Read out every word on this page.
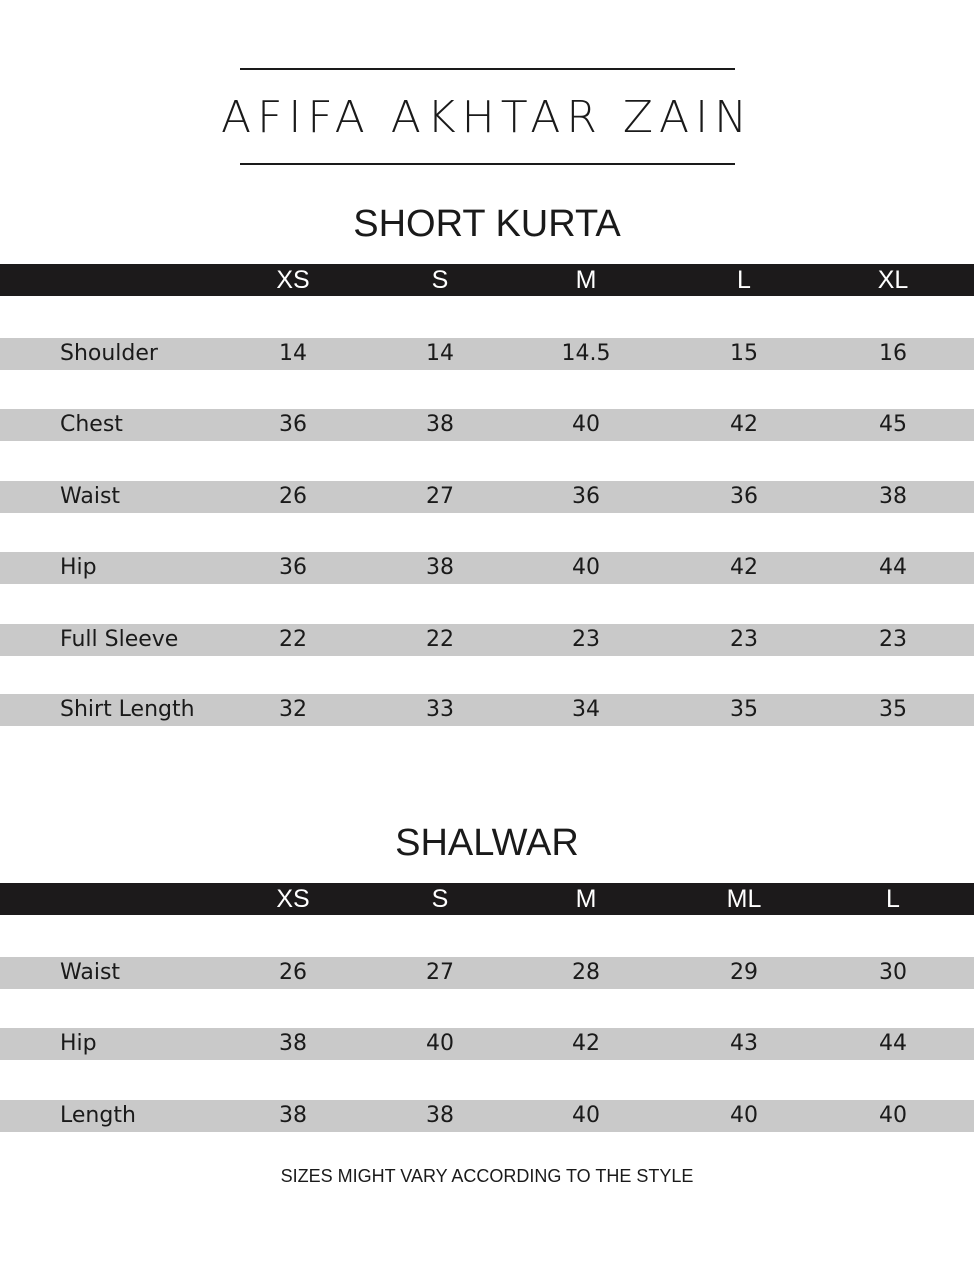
AFIFA AKHTAR ZAIN
SHORT KURTA
XS	S	M	L	XL
Shoulder	14	14	14.5	15	16
Chest	36	38	40	42	45
Waist	26	27	36	36	38
Hip	36	38	40	42	44
Full Sleeve	22	22	23	23	23
Shirt Length	32	33	34	35	35
SHALWAR
XS	S	M	ML	L
Waist	26	27	28	29	30
Hip	38	40	42	43	44
Length	38	38	40	40	40
SIZES MIGHT VARY ACCORDING TO THE STYLE
